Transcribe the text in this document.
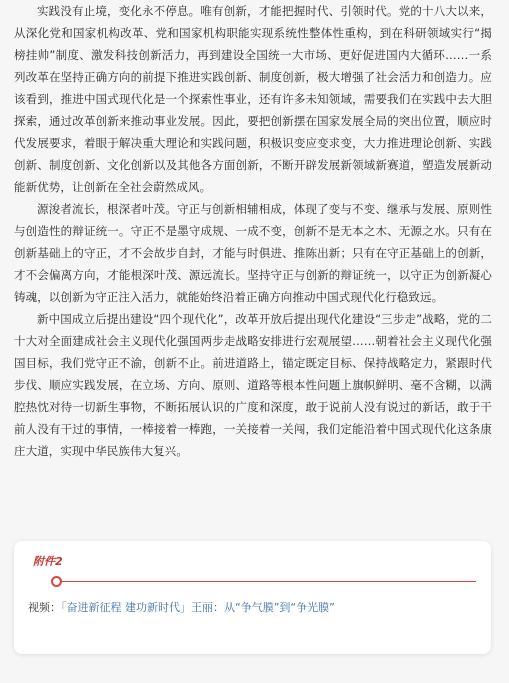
实践没有止境，变化永不停息。唯有创新，才能把握时代、引领时代。党的十八大以来，从深化党和国家机构改革、党和国家机构职能实现系统性整体性重构，到在科研领域实行“揭榜挂帅”制度、激发科技创新活力，再到建设全国统一大市场、更好促进国内大循环……一系列改革在坚持正确方向的前提下推进实践创新、制度创新，极大增强了社会活力和创造力。应该看到，推进中国式现代化是一个探索性事业，还有许多未知领域，需要我们在实践中去大胆探索，通过改革创新来推动事业发展。因此，要把创新摆在国家发展全局的突出位置，顺应时代发展要求，着眼于解决重大理论和实践问题，积极识变应变求变，大力推进理论创新、实践创新、制度创新、文化创新以及其他各方面创新，不断开辟发展新领域新赛道，塑造发展新动能新优势，让创新在全社会蔚然成风。

源浚者流长，根深者叶茂。守正与创新相辅相成，体现了变与不变、继承与发展、原则性与创造性的辩证统一。守正不是墨守成规、一成不变，创新不是无本之木、无源之水。只有在创新基础上的守正，才不会故步自封，才能与时俱进、推陈出新；只有在守正基础上的创新，才不会偏离方向，才能根深叶茂、源远流长。坚持守正与创新的辩证统一，以守正为创新凝心铸魂，以创新为守正注入活力，就能始终沿着正确方向推动中国式现代化行稳致远。

新中国成立后提出建设“四个现代化”，改革开放后提出现代化建设“三步走”战略，党的二十大对全面建成社会主义现代化强国两步走战略安排进行宏观展望……朝着社会主义现代化强国目标，我们党守正不渝，创新不止。前进道路上，锚定既定目标、保持战略定力，紧跟时代步伐、顺应实践发展，在立场、方向、原则、道路等根本性问题上旗帜鲜明、毫不含糊，以满腔热忱对待一切新生事物，不断拓展认识的广度和深度，敢于说前人没有说过的新话，敢于干前人没有干过的事情，一棒接着一棒跑，一关接着一关闯，我们定能沿着中国式现代化这条康庄大道，实现中华民族伟大复兴。

附件2
视频：「奋进新征程 建功新时代」王丽：从“争气膜”到“争光膜”
